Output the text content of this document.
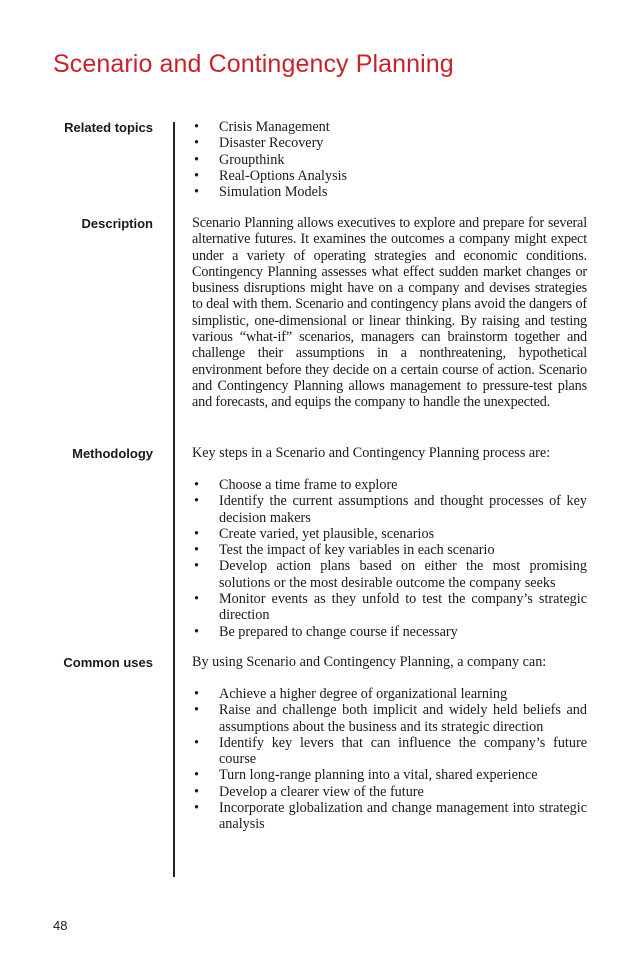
Scenario and Contingency Planning
Related topics	• Crisis Management
• Disaster Recovery
• Groupthink
• Real-Options Analysis
• Simulation Models
Description	Scenario Planning allows executives to explore and prepare for several alternative futures. It examines the outcomes a company might expect under a variety of operating strategies and economic conditions. Contingency Planning assesses what effect sudden market changes or business disruptions might have on a company and devises strategies to deal with them. Scenario and contingency plans avoid the dangers of simplistic, one-dimensional or linear thinking. By raising and testing various “what-if” scenarios, managers can brainstorm together and challenge their assumptions in a nonthreatening, hypothetical environment before they decide on a certain course of action. Scenario and Contingency Planning allows management to pressure-test plans and forecasts, and equips the company to handle the unexpected.

Methodology	Key steps in a Scenario and Contingency Planning process are:

• Choose a time frame to explore
• Identify the current assumptions and thought processes of key decision makers
• Create varied, yet plausible, scenarios
• Test the impact of key variables in each scenario
• Develop action plans based on either the most promising solutions or the most desirable outcome the company seeks
• Monitor events as they unfold to test the company’s strategic direction
• Be prepared to change course if necessary
Common uses	By using Scenario and Contingency Planning, a company can:

• Achieve a higher degree of organizational learning
• Raise and challenge both implicit and widely held beliefs and assumptions about the business and its strategic direction
• Identify key levers that can influence the company’s future course
• Turn long-range planning into a vital, shared experience
• Develop a clearer view of the future
• Incorporate globalization and change management into strategic analysis
48
